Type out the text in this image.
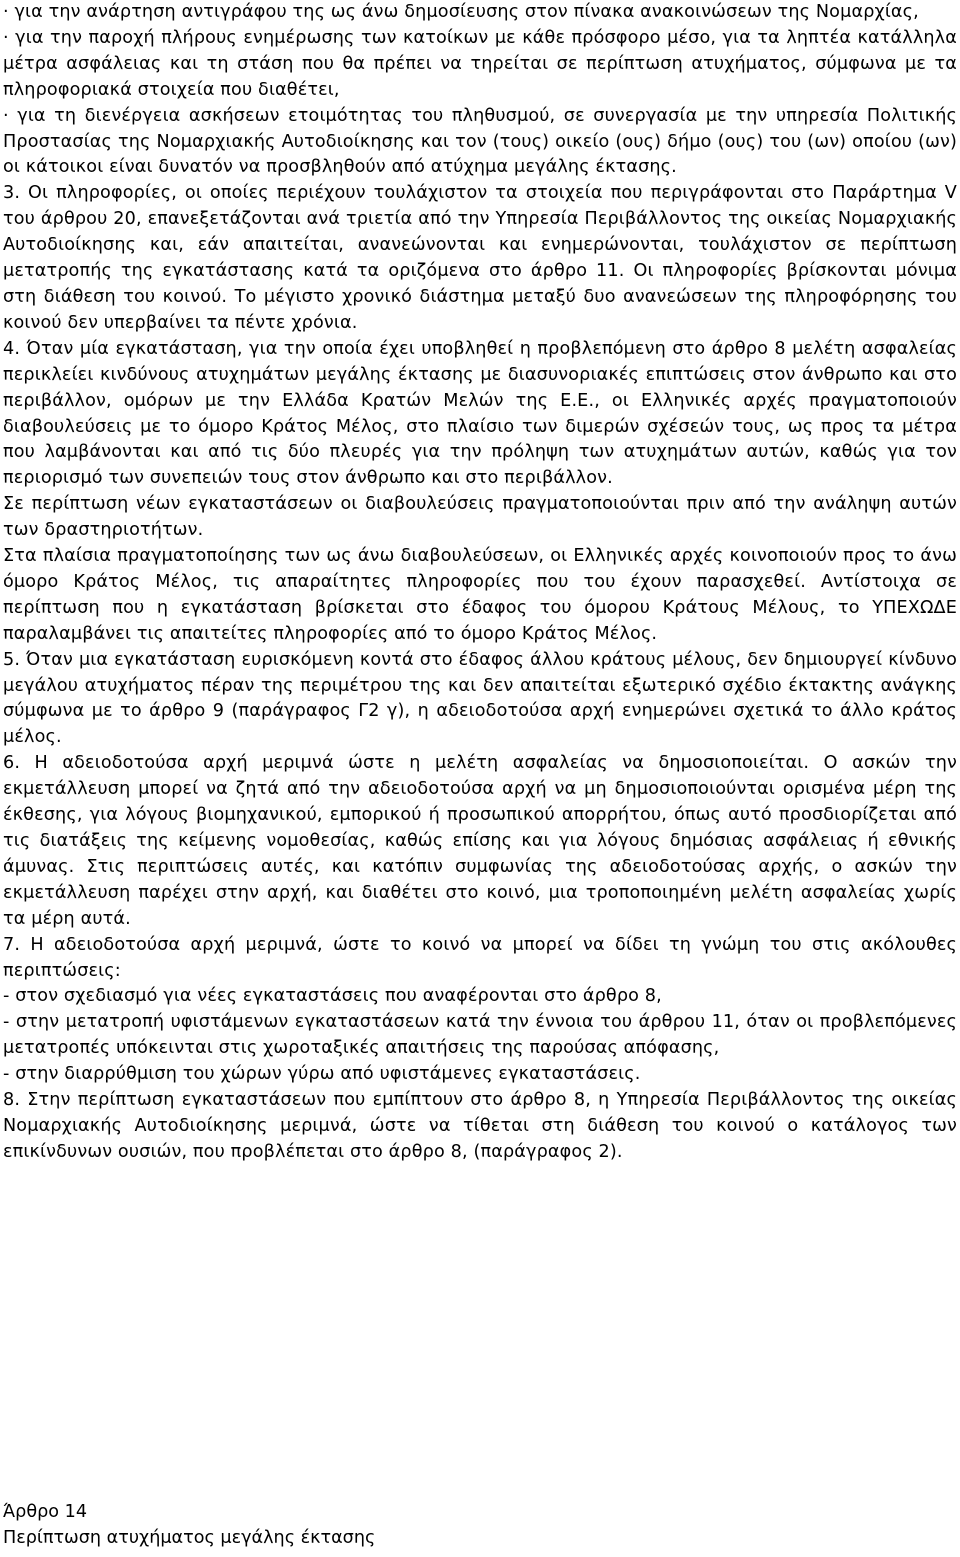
· για την ανάρτηση αντιγράφου της ως άνω δημοσίευσης στον πίνακα ανακοινώσεων της Νομαρχίας,

· για την παροχή πλήρους ενημέρωσης των κατοίκων με κάθε πρόσφορο μέσο, για τα ληπτέα κατάλληλα μέτρα ασφάλειας και τη στάση που θα πρέπει να τηρείται σε περίπτωση ατυχήματος, σύμφωνα με τα πληροφοριακά στοιχεία που διαθέτει,

· για τη διενέργεια ασκήσεων ετοιμότητας του πληθυσμού, σε συνεργασία με την υπηρεσία Πολιτικής Προστασίας της Νομαρχιακής Αυτοδιοίκησης και τον (τους) οικείο (ους) δήμο (ους) του (ων) οποίου (ων) οι κάτοικοι είναι δυνατόν να προσβληθούν από ατύχημα μεγάλης έκτασης.

3. Οι πληροφορίες, οι οποίες περιέχουν τουλάχιστον τα στοιχεία που περιγράφονται στο Παράρτημα V του άρθρου 20, επανεξετάζονται ανά τριετία από την Υπηρεσία Περιβάλλοντος της οικείας Νομαρχιακής Αυτοδιοίκησης και, εάν απαιτείται, ανανεώνονται και ενημερώνονται, τουλάχιστον σε περίπτωση μετατροπής της εγκατάστασης κατά τα οριζόμενα στο άρθρο 11. Οι πληροφορίες βρίσκονται μόνιμα στη διάθεση του κοινού. Το μέγιστο χρονικό διάστημα μεταξύ δυο ανανεώσεων της πληροφόρησης του κοινού δεν υπερβαίνει τα πέντε χρόνια.

4. Όταν μία εγκατάσταση, για την οποία έχει υποβληθεί η προβλεπόμενη στο άρθρο 8 μελέτη ασφαλείας περικλείει κινδύνους ατυχημάτων μεγάλης έκτασης με διασυνοριακές επιπτώσεις στον άνθρωπο και στο περιβάλλον, ομόρων με την Ελλάδα Κρατών Μελών της Ε.Ε., οι Ελληνικές αρχές πραγματοποιούν διαβουλεύσεις με το όμορο Κράτος Μέλος, στο πλαίσιο των διμερών σχέσεών τους, ως προς τα μέτρα που λαμβάνονται και από τις δύο πλευρές για την πρόληψη των ατυχημάτων αυτών, καθώς για τον περιορισμό των συνεπειών τους στον άνθρωπο και στο περιβάλλον.

Σε περίπτωση νέων εγκαταστάσεων οι διαβουλεύσεις πραγματοποιούνται πριν από την ανάληψη αυτών των δραστηριοτήτων.

Στα πλαίσια πραγματοποίησης των ως άνω διαβουλεύσεων, οι Ελληνικές αρχές κοινοποιούν προς το άνω όμορο Κράτος Μέλος, τις απαραίτητες πληροφορίες που του έχουν παρασχεθεί. Αντίστοιχα σε περίπτωση που η εγκατάσταση βρίσκεται στο έδαφος του όμορου Κράτους Μέλους, το ΥΠΕΧΩΔΕ παραλαμβάνει τις απαιτείτες πληροφορίες από το όμορο Κράτος Μέλος.

5. Όταν μια εγκατάσταση ευρισκόμενη κοντά στο έδαφος άλλου κράτους μέλους, δεν δημιουργεί κίνδυνο μεγάλου ατυχήματος πέραν της περιμέτρου της και δεν απαιτείται εξωτερικό σχέδιο έκτακτης ανάγκης σύμφωνα με το άρθρο 9 (παράγραφος Γ2 γ), η αδειοδοτούσα αρχή ενημερώνει σχετικά το άλλο κράτος μέλος.

6. Η αδειοδοτούσα αρχή μεριμνά ώστε η μελέτη ασφαλείας να δημοσιοποιείται. Ο ασκών την εκμετάλλευση μπορεί να ζητά από την αδειοδοτούσα αρχή να μη δημοσιοποιούνται ορισμένα μέρη της έκθεσης, για λόγους βιομηχανικού, εμπορικού ή προσωπικού απορρήτου, όπως αυτό προσδιορίζεται από τις διατάξεις της κείμενης νομοθεσίας, καθώς επίσης και για λόγους δημόσιας ασφάλειας ή εθνικής άμυνας. Στις περιπτώσεις αυτές, και κατόπιν συμφωνίας της αδειοδοτούσας αρχής, ο ασκών την εκμετάλλευση παρέχει στην αρχή, και διαθέτει στο κοινό, μια τροποποιημένη μελέτη ασφαλείας χωρίς τα μέρη αυτά.

7. Η αδειοδοτούσα αρχή μεριμνά, ώστε το κοινό να μπορεί να δίδει τη γνώμη του στις ακόλουθες περιπτώσεις:

- στον σχεδιασμό για νέες εγκαταστάσεις που αναφέρονται στο άρθρο 8,

- στην μετατροπή υφιστάμενων εγκαταστάσεων κατά την έννοια του άρθρου 11, όταν οι προβλεπόμενες μετατροπές υπόκεινται στις χωροταξικές απαιτήσεις της παρούσας απόφασης,

- στην διαρρύθμιση του χώρων γύρω από υφιστάμενες εγκαταστάσεις.

8. Στην περίπτωση εγκαταστάσεων που εμπίπτουν στο άρθρο 8, η Υπηρεσία Περιβάλλοντος της οικείας Νομαρχιακής Αυτοδιοίκησης μεριμνά, ώστε να τίθεται στη διάθεση του κοινού ο κατάλογος των επικίνδυνων ουσιών, που προβλέπεται στο άρθρο 8, (παράγραφος 2).

Άρθρο 14
Περίπτωση ατυχήματος μεγάλης έκτασης
